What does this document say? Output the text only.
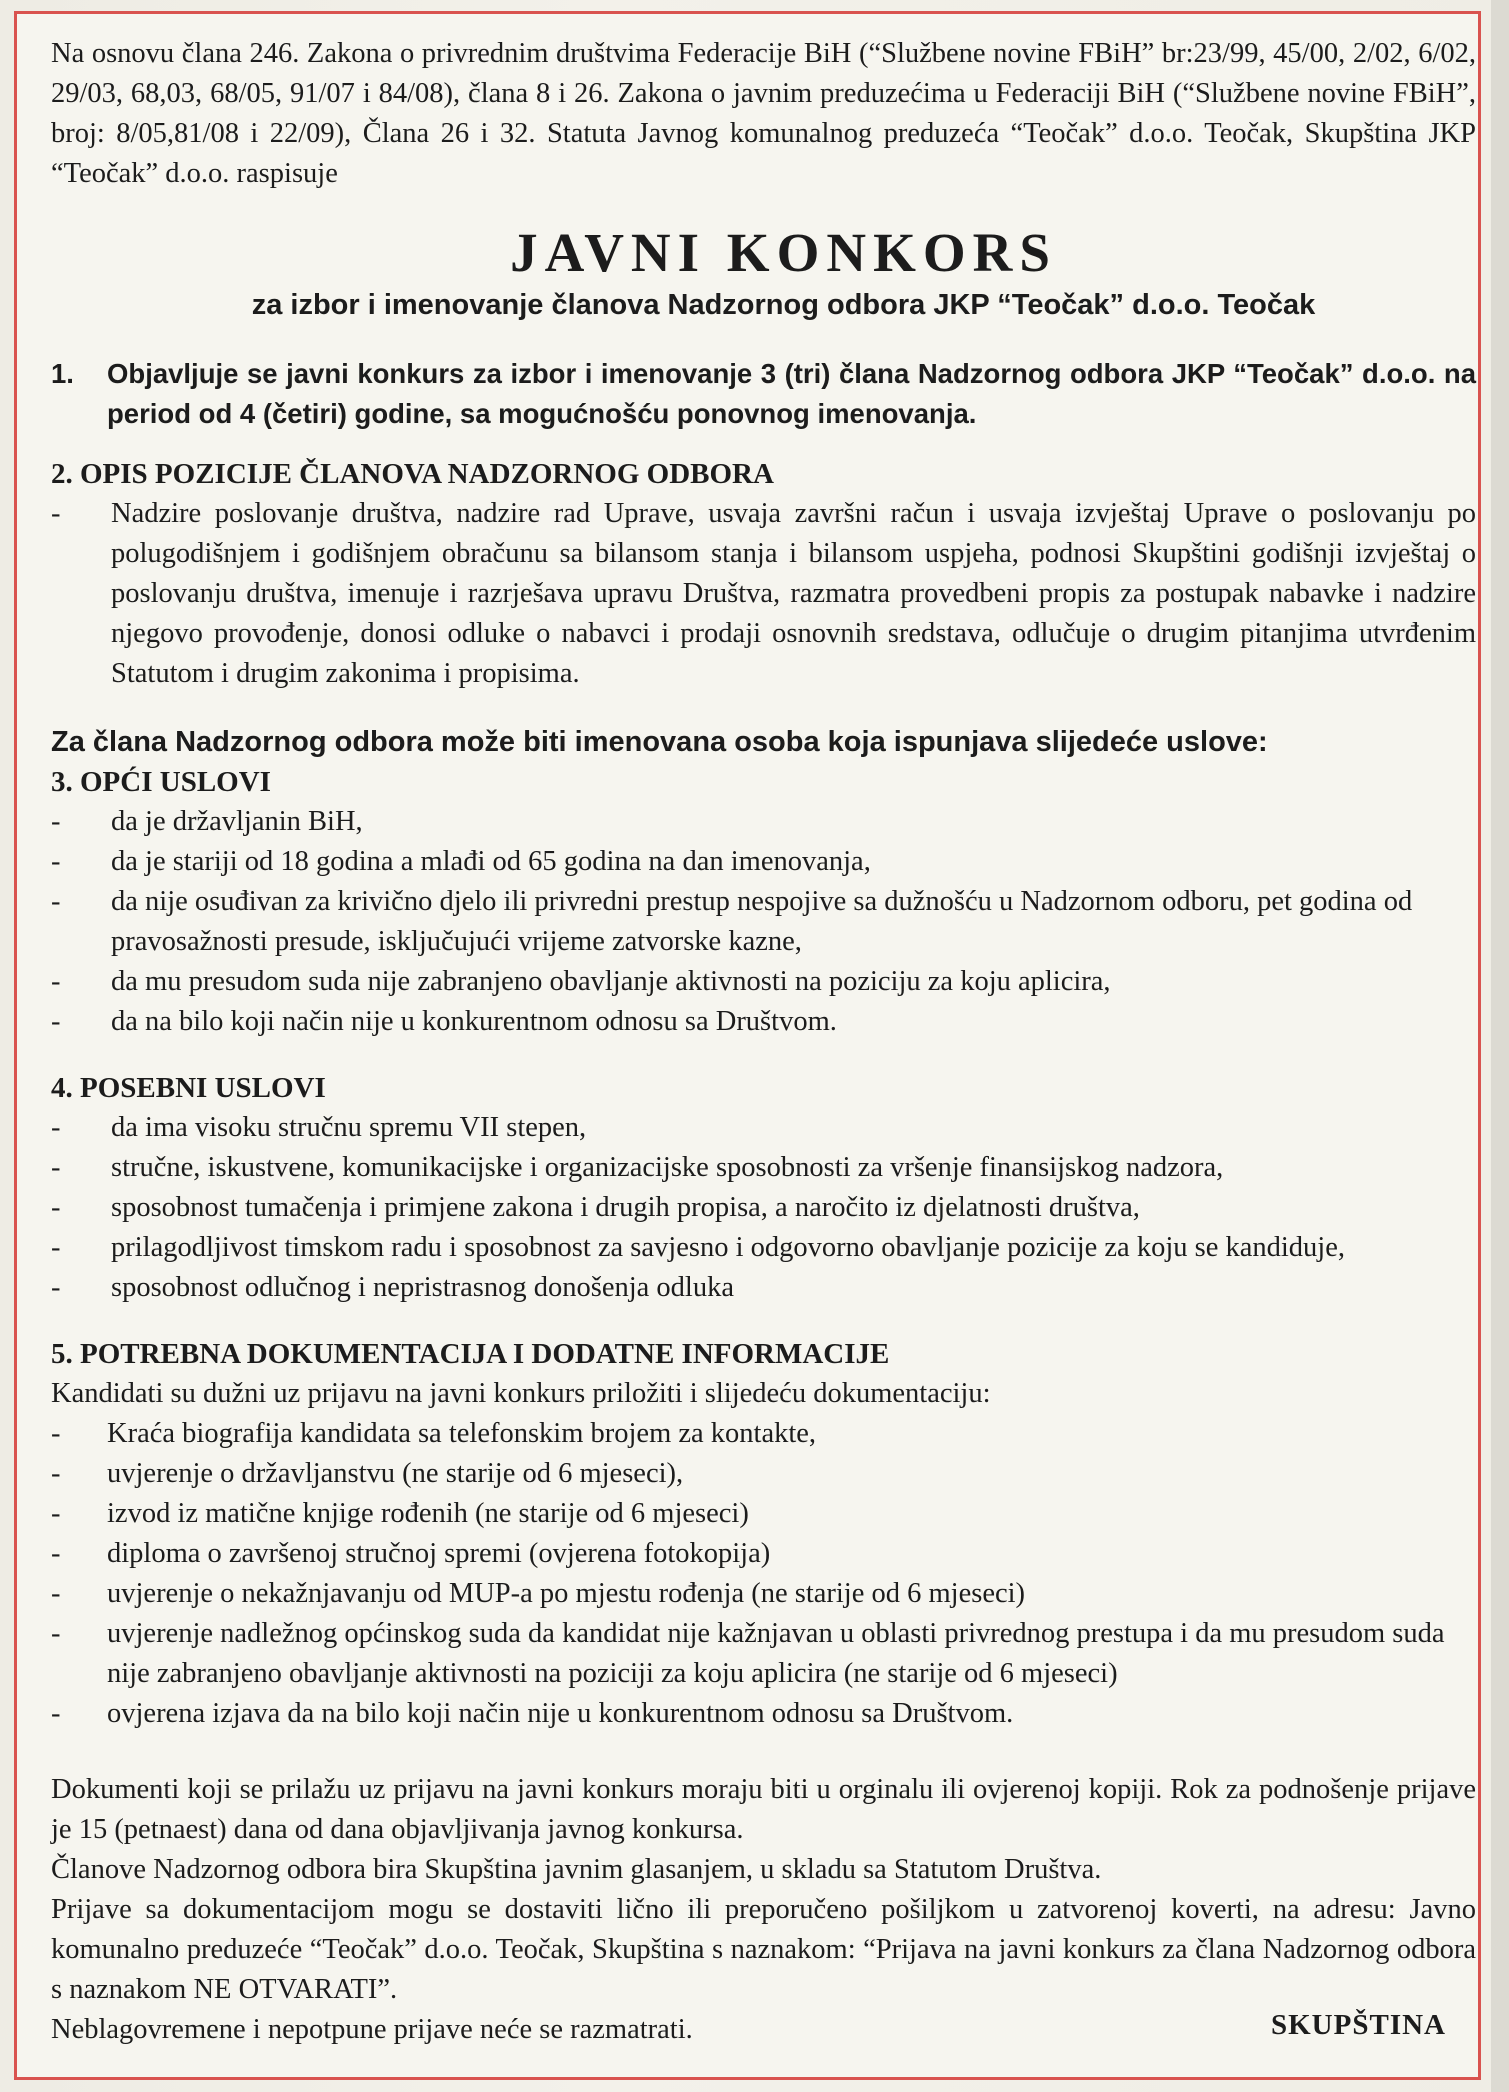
Na osnovu člana 246. Zakona o privrednim društvima Federacije BiH (“Službene novine FBiH” br:23/99, 45/00, 2/02, 6/02, 29/03, 68,03, 68/05, 91/07 i 84/08), člana 8 i 26. Zakona o javnim preduzećima u Federaciji BiH (“Službene novine FBiH”, broj: 8/05,81/08 i 22/09), Člana 26 i 32. Statuta Javnog komunalnog preduzeća “Teočak” d.o.o. Teočak, Skupština JKP “Teočak” d.o.o. raspisuje

JAVNI KONKORS
za izbor i imenovanje članova Nadzornog odbora JKP “Teočak” d.o.o. Teočak
1.	Objavljuje se javni konkurs za izbor i imenovanje 3 (tri) člana Nadzornog odbora JKP “Teočak” d.o.o. na period od 4 (četiri) godine, sa mogućnošću ponovnog imenovanja.
2. OPIS POZICIJE ČLANOVA NADZORNOG ODBORA
-	Nadzire poslovanje društva, nadzire rad Uprave, usvaja završni račun i usvaja izvještaj Uprave o poslovanju po polugodišnjem i godišnjem obračunu sa bilansom stanja i bilansom uspjeha, podnosi Skupštini godišnji izvještaj o poslovanju društva, imenuje i razrješava upravu Društva, razmatra provedbeni propis za postupak nabavke i nadzire njegovo provođenje, donosi odluke o nabavci i prodaji osnovnih sredstava, odlučuje o drugim pitanjima utvrđenim Statutom i drugim zakonima i propisima.
Za člana Nadzornog odbora može biti imenovana osoba koja ispunjava slijedeće uslove:
3. OPĆI USLOVI
-	da je državljanin BiH,
-	da je stariji od 18 godina a mlađi od 65 godina na dan imenovanja,
-	da nije osuđivan za krivično djelo ili privredni prestup nespojive sa dužnošću u Nadzornom odboru, pet godina od pravosažnosti presude, isključujući vrijeme zatvorske kazne,
-	da mu presudom suda nije zabranjeno obavljanje aktivnosti na poziciju za koju aplicira,
-	da na bilo koji način nije u konkurentnom odnosu sa Društvom.
4. POSEBNI USLOVI
-	da ima visoku stručnu spremu VII stepen,
-	stručne, iskustvene, komunikacijske i organizacijske sposobnosti za vršenje finansijskog nadzora,
-	sposobnost tumačenja i primjene zakona i drugih propisa, a naročito iz djelatnosti društva,
-	prilagodljivost timskom radu i sposobnost za savjesno i odgovorno obavljanje pozicije za koju se kandiduje,
-	sposobnost odlučnog i nepristrasnog donošenja odluka
5. POTREBNA DOKUMENTACIJA I DODATNE INFORMACIJE

Kandidati su dužni uz prijavu na javni konkurs priložiti i slijedeću dokumentaciju:

-	Kraća biografija kandidata sa telefonskim brojem za kontakte,
-	uvjerenje o državljanstvu (ne starije od 6 mjeseci),
-	izvod iz matične knjige rođenih (ne starije od 6 mjeseci)
-	diploma o završenoj stručnoj spremi (ovjerena fotokopija)
-	uvjerenje o nekažnjavanju od MUP-a po mjestu rođenja (ne starije od 6 mjeseci)
-	uvjerenje nadležnog općinskog suda da kandidat nije kažnjavan u oblasti privrednog prestupa i da mu presudom suda nije zabranjeno obavljanje aktivnosti na poziciji za koju aplicira (ne starije od 6 mjeseci)
-	ovjerena izjava da na bilo koji način nije u konkurentnom odnosu sa Društvom.

Dokumenti koji se prilažu uz prijavu na javni konkurs moraju biti u orginalu ili ovjerenoj kopiji. Rok za podnošenje prijave je 15 (petnaest) dana od dana objavljivanja javnog konkursa.

Članove Nadzornog odbora bira Skupština javnim glasanjem, u skladu sa Statutom Društva.

Prijave sa dokumentacijom mogu se dostaviti lično ili preporučeno pošiljkom u zatvorenoj koverti, na adresu: Javno komunalno preduzeće “Teočak” d.o.o. Teočak, Skupština s naznakom: “Prijava na javni konkurs za člana Nadzornog odbora s naznakom NE OTVARATI”.

Neblagovremene i nepotpune prijave neće se razmatrati.	SKUPŠTINA
